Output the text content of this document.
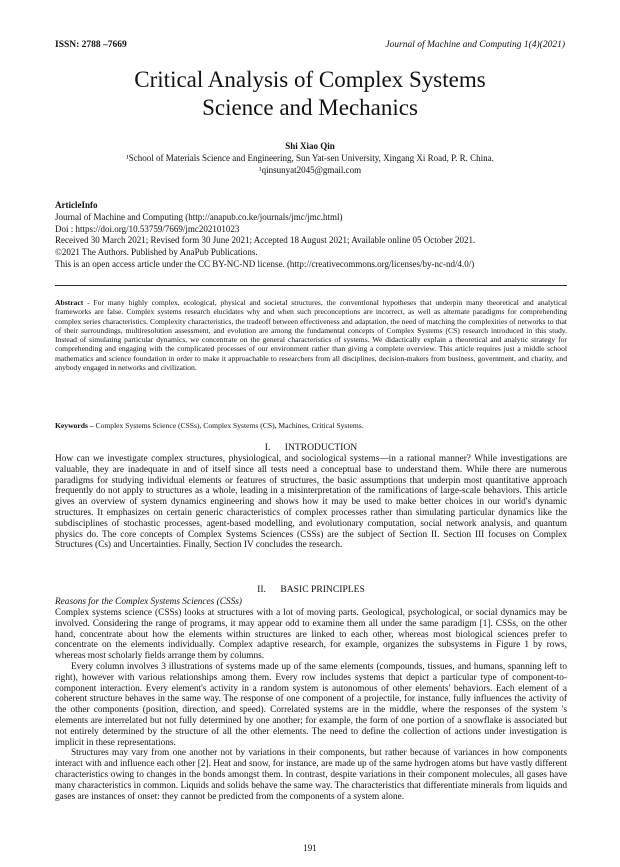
ISSN: 2788 –7669	Journal of Machine and Computing 1(4)(2021)
Critical Analysis of Complex Systems
Science and Mechanics
Shi Xiao Qin
¹School of Materials Science and Engineering, Sun Yat-sen University, Xingang Xi Road, P. R. China.
¹qinsunyat2045@gmail.com
ArticleInfo
Journal of Machine and Computing (http://anapub.co.ke/journals/jmc/jmc.html)
Doi : https://doi.org/10.53759/7669/jmc202101023
Received 30 March 2021; Revised form 30 June 2021; Accepted 18 August 2021; Available online 05 October 2021.
©2021 The Authors. Published by AnaPub Publications.
This is an open access article under the CC BY-NC-ND license. (http://creativecommons.org/licenses/by-nc-nd/4.0/)
Abstract - For many highly complex, ecological, physical and societal structures, the conventional hypotheses that underpin many theoretical and analytical frameworks are false. Complex systems research elucidates why and when such preconceptions are incorrect, as well as alternate paradigms for comprehending complex series characteristics. Complexity characteristics, the tradeoff between effectiveness and adaptation, the need of matching the complexities of networks to that of their surroundings, multiresolution assessment, and evolution are among the fundamental concepts of Complex Systems (CS) research introduced in this study. Instead of simulating particular dynamics, we concentrate on the general characteristics of systems. We didactically explain a theoretical and analytic strategy for comprehending and engaging with the complicated processes of our environment rather than giving a complete overview. This article requires just a middle school mathematics and science foundation in order to make it approachable to researchers from all disciplines, decision-makers from business, government, and charity, and anybody engaged in networks and civilization.
Keywords – Complex Systems Science (CSSs), Complex Systems (CS), Machines, Critical Systems.
I.      INTRODUCTION

How can we investigate complex structures, physiological, and sociological systems—in a rational manner? While investigations are valuable, they are inadequate in and of itself since all tests need a conceptual base to understand them. While there are numerous paradigms for studying individual elements or features of structures, the basic assumptions that underpin most quantitative approach frequently do not apply to structures as a whole, leading in a misinterpretation of the ramifications of large-scale behaviors. This article gives an overview of system dynamics engineering and shows how it may be used to make better choices in our world's dynamic structures. It emphasizes on certain generic characteristics of complex processes rather than simulating particular dynamics like the subdisciplines of stochastic processes, agent-based modelling, and evolutionary computation, social network analysis, and quantum physics do. The core concepts of Complex Systems Sciences (CSSs) are the subject of Section II. Section III focuses on Complex Structures (Cs) and Uncertainties. Finally, Section IV concludes the research.

II.      BASIC PRINCIPLES
Reasons for the Complex Systems Sciences (CSSs)

Complex systems science (CSSs) looks at structures with a lot of moving parts. Geological, psychological, or social dynamics may be involved. Considering the range of programs, it may appear odd to examine them all under the same paradigm [1]. CSSs, on the other hand, concentrate about how the elements within structures are linked to each other, whereas most biological sciences prefer to concentrate on the elements individually. Complex adaptive research, for example, organizes the subsystems in Figure 1 by rows, whereas most scholarly fields arrange them by columns.

Every column involves 3 illustrations of systems made up of the same elements (compounds, tissues, and humans, spanning left to right), however with various relationships among them. Every row includes systems that depict a particular type of component-to-component interaction. Every element's activity in a random system is autonomous of other elements' behaviors. Each element of a coherent structure behaves in the same way. The response of one component of a projectile, for instance, fully influences the activity of the other components (position, direction, and speed). Correlated systems are in the middle, where the responses of the system 's elements are interrelated but not fully determined by one another; for example, the form of one portion of a snowflake is associated but not entirely determined by the structure of all the other elements. The need to define the collection of actions under investigation is implicit in these representations.

Structures may vary from one another not by variations in their components, but rather because of variances in how components interact with and influence each other [2]. Heat and snow, for instance, are made up of the same hydrogen atoms but have vastly different characteristics owing to changes in the bonds amongst them. In contrast, despite variations in their component molecules, all gases have many characteristics in common. Liquids and solids behave the same way. The characteristics that differentiate minerals from liquids and gases are instances of onset: they cannot be predicted from the components of a system alone.

191
